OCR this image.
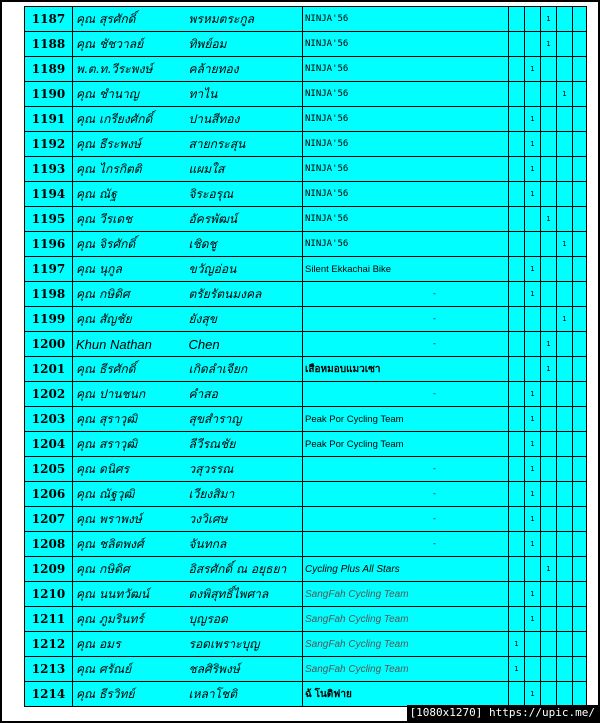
1187	คุณ สุรศักดิ์	พรหมตระกูล	NINJA'56			1		
1188	คุณ ชัชวาลย์	ทิพย์อม	NINJA'56			1		
1189	พ.ต.ท.วีระพงษ์	คล้ายทอง	NINJA'56		1			
1190	คุณ ชำนาญ	ทาไน	NINJA'56				1	
1191	คุณ เกรียงศักดิ์	ปานสีทอง	NINJA'56		1			
1192	คุณ ธีระพงษ์	สายกระสุน	NINJA'56		1			
1193	คุณ ไกรกิตติ	แผมใส	NINJA'56		1			
1194	คุณ ณัฐ	จิระอรุณ	NINJA'56		1			
1195	คุณ วีรเดช	อัครพัฒน์	NINJA'56			1		
1196	คุณ จิรศักดิ์	เชิดชู	NINJA'56				1	
1197	คุณ นุกูล	ขวัญอ่อน	Silent Ekkachai Bike		1			
1198	คุณ กษิดิศ	ตรัยรัตนมงคล	-		1			
1199	คุณ สัญชัย	ยังสุข	-				1	
1200	Khun Nathan	Chen	-			1		
1201	คุณ ธีรศักดิ์	เกิดลำเจียก	เสือหมอบแมวเซา			1		
1202	คุณ ปานชนก	คำสอ	-		1			
1203	คุณ สุราวุฒิ	สุขสำราญ	Peak Por Cycling Team		1			
1204	คุณ สราวุฒิ	ลีวีรณชัย	Peak Por Cycling Team		1			
1205	คุณ ดนิศร	วสุวรรณ	-		1			
1206	คุณ ณัฐวุฒิ	เวียงสิมา	-		1			
1207	คุณ พราพงษ์	วงวิเศษ	-		1			
1208	คุณ ชลิตพงศ์	จันทกล	-		1			
1209	คุณ กษิดิศ	อิสรศักดิ์ ณ อยุธยา	Cycling Plus All Stars			1		
1210	คุณ นนทวัฒน์	ดงพิสุทธิ์ไพศาล	SangFah Cycling Team		1			
1211	คุณ ภูมรินทร์	บุญรอด	SangFah Cycling Team		1			
1212	คุณ อมร	รอดเพราะบุญ	SangFah Cycling Team	1				
1213	คุณ ศรัณย์	ชลศิริพงษ์	SangFah Cycling Team	1				
1214	คุณ ธีรวิทย์	เหลาโชติ	ฉ้ โนติฟาย		1			
[1080x1270] https://upic.me/
